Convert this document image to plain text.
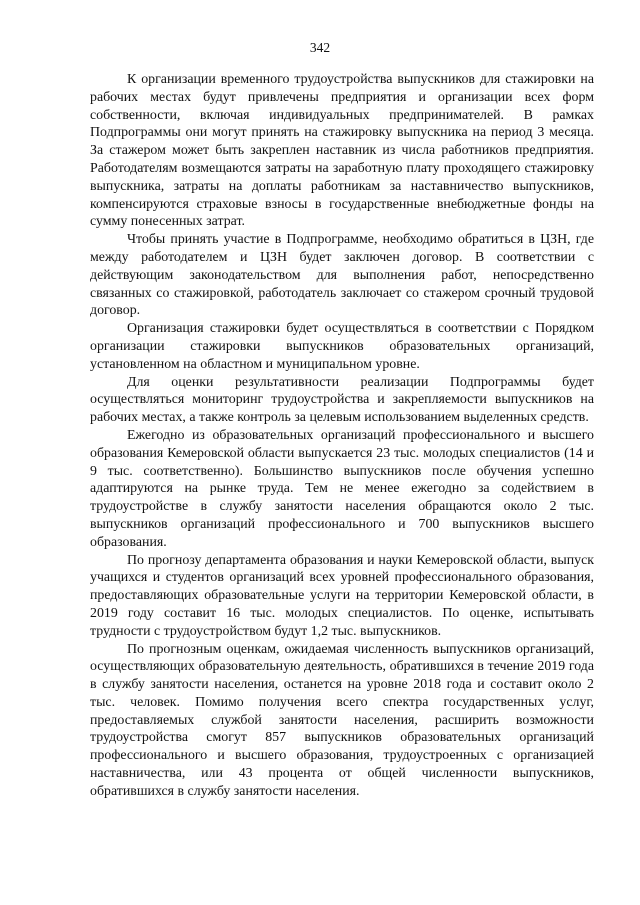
342

К организации временного трудоустройства выпускников для стажировки на рабочих местах будут привлечены предприятия и организации всех форм собственности, включая индивидуальных предпринимателей. В рамках Подпрограммы они могут принять на стажировку выпускника на период 3 месяца. За стажером может быть закреплен наставник из числа работников предприятия. Работодателям возмещаются затраты на заработную плату проходящего стажировку выпускника, затраты на доплаты работникам за наставничество выпускников, компенсируются страховые взносы в государственные внебюджетные фонды на сумму понесенных затрат.

Чтобы принять участие в Подпрограмме, необходимо обратиться в ЦЗН, где между работодателем и ЦЗН будет заключен договор. В соответствии с действующим законодательством для выполнения работ, непосредственно связанных со стажировкой, работодатель заключает со стажером срочный трудовой договор.

Организация стажировки будет осуществляться в соответствии с Порядком организации стажировки выпускников образовательных организаций, установленном на областном и муниципальном уровне.

Для оценки результативности реализации Подпрограммы будет осуществляться мониторинг трудоустройства и закрепляемости выпускников на рабочих местах, а также контроль за целевым использованием выделенных средств.

Ежегодно из образовательных организаций профессионального и высшего образования Кемеровской области выпускается 23 тыс. молодых специалистов (14 и 9 тыс. соответственно). Большинство выпускников после обучения успешно адаптируются на рынке труда. Тем не менее ежегодно за содействием в трудоустройстве в службу занятости населения обращаются около 2 тыс. выпускников организаций профессионального и 700 выпускников высшего образования.

По прогнозу департамента образования и науки Кемеровской области, выпуск учащихся и студентов организаций всех уровней профессионального образования, предоставляющих образовательные услуги на территории Кемеровской области, в 2019 году составит 16 тыс. молодых специалистов. По оценке, испытывать трудности с трудоустройством будут 1,2 тыс. выпускников.

По прогнозным оценкам, ожидаемая численность выпускников организаций, осуществляющих образовательную деятельность, обратившихся в течение 2019 года в службу занятости населения, останется на уровне 2018 года и составит около 2 тыс. человек. Помимо получения всего спектра государственных услуг, предоставляемых службой занятости населения, расширить возможности трудоустройства смогут 857 выпускников образовательных организаций профессионального и высшего образования, трудоустроенных с организацией наставничества, или 43 процента от общей численности выпускников, обратившихся в службу занятости населения.
